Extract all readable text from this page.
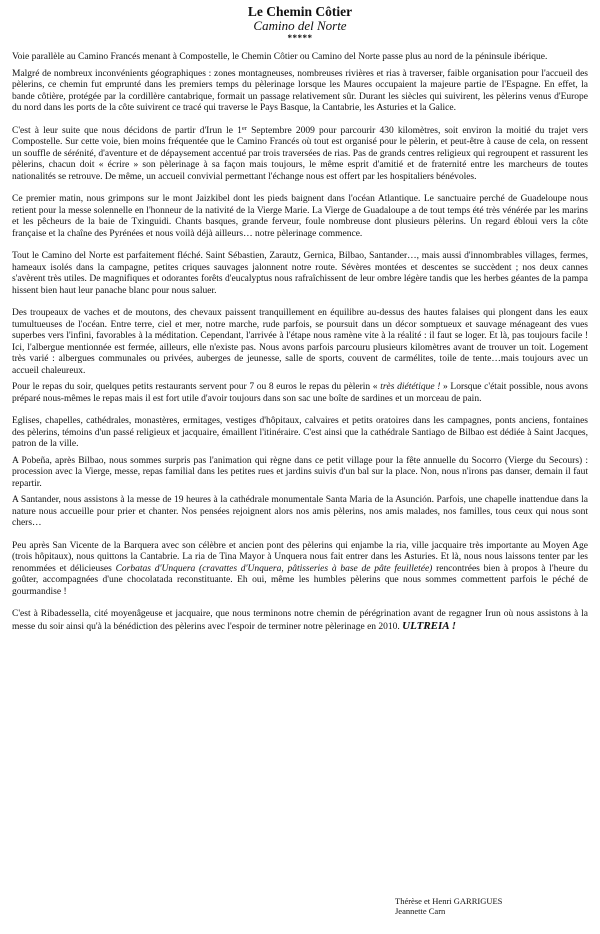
Le Chemin Côtier
Camino del Norte
*****

Voie parallèle au Camino Francés menant à Compostelle, le Chemin Côtier ou Camino del Norte passe plus au nord de la péninsule ibérique.

Malgré de nombreux inconvénients géographiques : zones montagneuses, nombreuses rivières et rias à traverser, faible organisation pour l'accueil des pèlerins, ce chemin fut emprunté dans les premiers temps du pèlerinage lorsque les Maures occupaient la majeure partie de l'Espagne. En effet, la bande côtière, protégée par la cordillère cantabrique, formait un passage relativement sûr. Durant les siècles qui suivirent, les pèlerins venus d'Europe du nord dans les ports de la côte suivirent ce tracé qui traverse le Pays Basque, la Cantabrie, les Asturies et la Galice.

C'est à leur suite que nous décidons de partir d'Irun le 1er Septembre 2009 pour parcourir 430 kilomètres, soit environ la moitié du trajet vers Compostelle. Sur cette voie, bien moins fréquentée que le Camino Francés où tout est organisé pour le pèlerin, et peut-être à cause de cela, on ressent un souffle de sérénité, d'aventure et de dépaysement accentué par trois traversées de rias. Pas de grands centres religieux qui regroupent et rassurent les pèlerins, chacun doit « écrire » son pèlerinage à sa façon mais toujours, le même esprit d'amitié et de fraternité entre les marcheurs de toutes nationalités se retrouve. De même, un accueil convivial permettant l'échange nous est offert par les hospitaliers bénévoles.

Ce premier matin, nous grimpons sur le mont Jaizkibel dont les pieds baignent dans l'océan Atlantique. Le sanctuaire perché de Guadeloupe nous retient pour la messe solennelle en l'honneur de la nativité de la Vierge Marie. La Vierge de Guadaloupe a de tout temps été très vénérée par les marins et les pêcheurs de la baie de Txinguidi. Chants basques, grande ferveur, foule nombreuse dont plusieurs pèlerins. Un regard ébloui vers la côte française et la chaîne des Pyrénées et nous voilà déjà ailleurs… notre pèlerinage commence.

Tout le Camino del Norte est parfaitement fléché. Saint Sébastien, Zarautz, Gernica, Bilbao, Santander…, mais aussi d'innombrables villages, fermes, hameaux isolés dans la campagne, petites criques sauvages jalonnent notre route. Sévères montées et descentes se succèdent ; nos deux cannes s'avèrent très utiles. De magnifiques et odorantes forêts d'eucalyptus nous rafraîchissent de leur ombre légère tandis que les herbes géantes de la pampa hissent bien haut leur panache blanc pour nous saluer.

Des troupeaux de vaches et de moutons, des chevaux paissent tranquillement en équilibre au-dessus des hautes falaises qui plongent dans les eaux tumultueuses de l'océan. Entre terre, ciel et mer, notre marche, rude parfois, se poursuit dans un décor somptueux et sauvage ménageant des vues superbes vers l'infini, favorables à la méditation. Cependant, l'arrivée à l'étape nous ramène vite à la réalité : il faut se loger. Et là, pas toujours facile ! Ici, l'albergue mentionnée est fermée, ailleurs, elle n'existe pas. Nous avons parfois parcouru plusieurs kilomètres avant de trouver un toit. Logement très varié : albergues communales ou privées, auberges de jeunesse, salle de sports, couvent de carmélites, toile de tente…mais toujours avec un accueil chaleureux.

Pour le repas du soir, quelques petits restaurants servent pour 7 ou 8 euros le repas du pèlerin « très diététique ! » Lorsque c'était possible, nous avons préparé nous-mêmes le repas mais il est fort utile d'avoir toujours dans son sac une boîte de sardines et un morceau de pain.

Eglises, chapelles, cathédrales, monastères, ermitages, vestiges d'hôpitaux, calvaires et petits oratoires dans les campagnes, ponts anciens, fontaines des pèlerins, témoins d'un passé religieux et jacquaire, émaillent l'itinéraire. C'est ainsi que la cathédrale Santiago de Bilbao est dédiée à Saint Jacques, patron de la ville.

A Pobeña, après Bilbao, nous sommes surpris pas l'animation qui règne dans ce petit village pour la fête annuelle du Socorro (Vierge du Secours) : procession avec la Vierge, messe, repas familial dans les petites rues et jardins suivis d'un bal sur la place. Non, nous n'irons pas danser, demain il faut repartir.

A Santander, nous assistons à la messe de 19 heures à la cathédrale monumentale Santa Maria de la Asunción. Parfois, une chapelle inattendue dans la nature nous accueille pour prier et chanter. Nos pensées rejoignent alors nos amis pèlerins, nos amis malades, nos familles, tous ceux qui nous sont chers…

Peu après San Vicente de la Barquera avec son célèbre et ancien pont des pèlerins qui enjambe la ria, ville jacquaire très importante au Moyen Age (trois hôpitaux), nous quittons la Cantabrie. La ria de Tina Mayor à Unquera nous fait entrer dans les Asturies. Et là, nous nous laissons tenter par les renommées et délicieuses Corbatas d'Unquera (cravattes d'Unquera, pâtisseries à base de pâte feuilletée) rencontrées bien à propos à l'heure du goûter, accompagnées d'une chocolatada reconstituante. Eh oui, même les humbles pèlerins que nous sommes commettent parfois le péché de gourmandise !

C'est à Ribadessella, cité moyenâgeuse et jacquaire, que nous terminons notre chemin de pérégrination avant de regagner Irun où nous assistons à la messe du soir ainsi qu'à la bénédiction des pèlerins avec l'espoir de terminer notre pèlerinage en 2010. ULTREIA !

Thérèse et Henri GARRIGUES
Jeannette Carn
